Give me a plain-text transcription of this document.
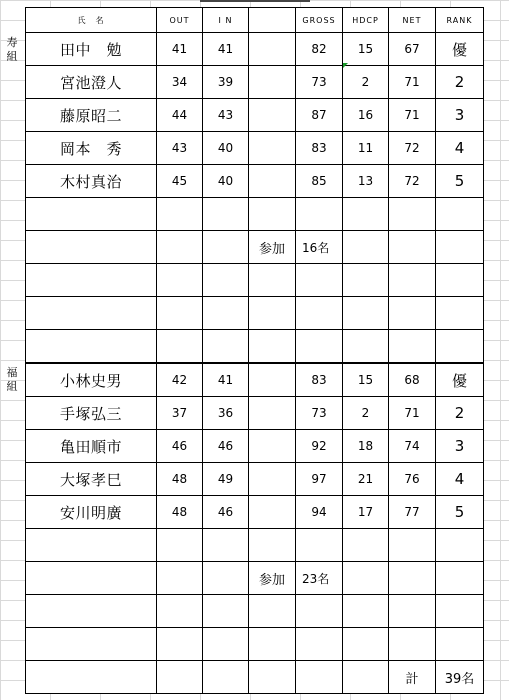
寿
組
福
組
氏　名	OUT	I N		GROSS	HDCP	NET	RANK
田中　勉	41	41		82	15	67	優
宮池澄人	34	39		73	2	71	2
藤原昭二	44	43		87	16	71	3
岡本　秀	43	40		83	11	72	4
木村真治	45	40		85	13	72	5

			参加	16名			

小林史男	42	41		83	15	68	優
手塚弘三	37	36		73	2	71	2
亀田順市	46	46		92	18	74	3
大塚孝巳	48	49		97	21	76	4
安川明廣	48	46		94	17	77	5

			参加	23名			

						計	39名
